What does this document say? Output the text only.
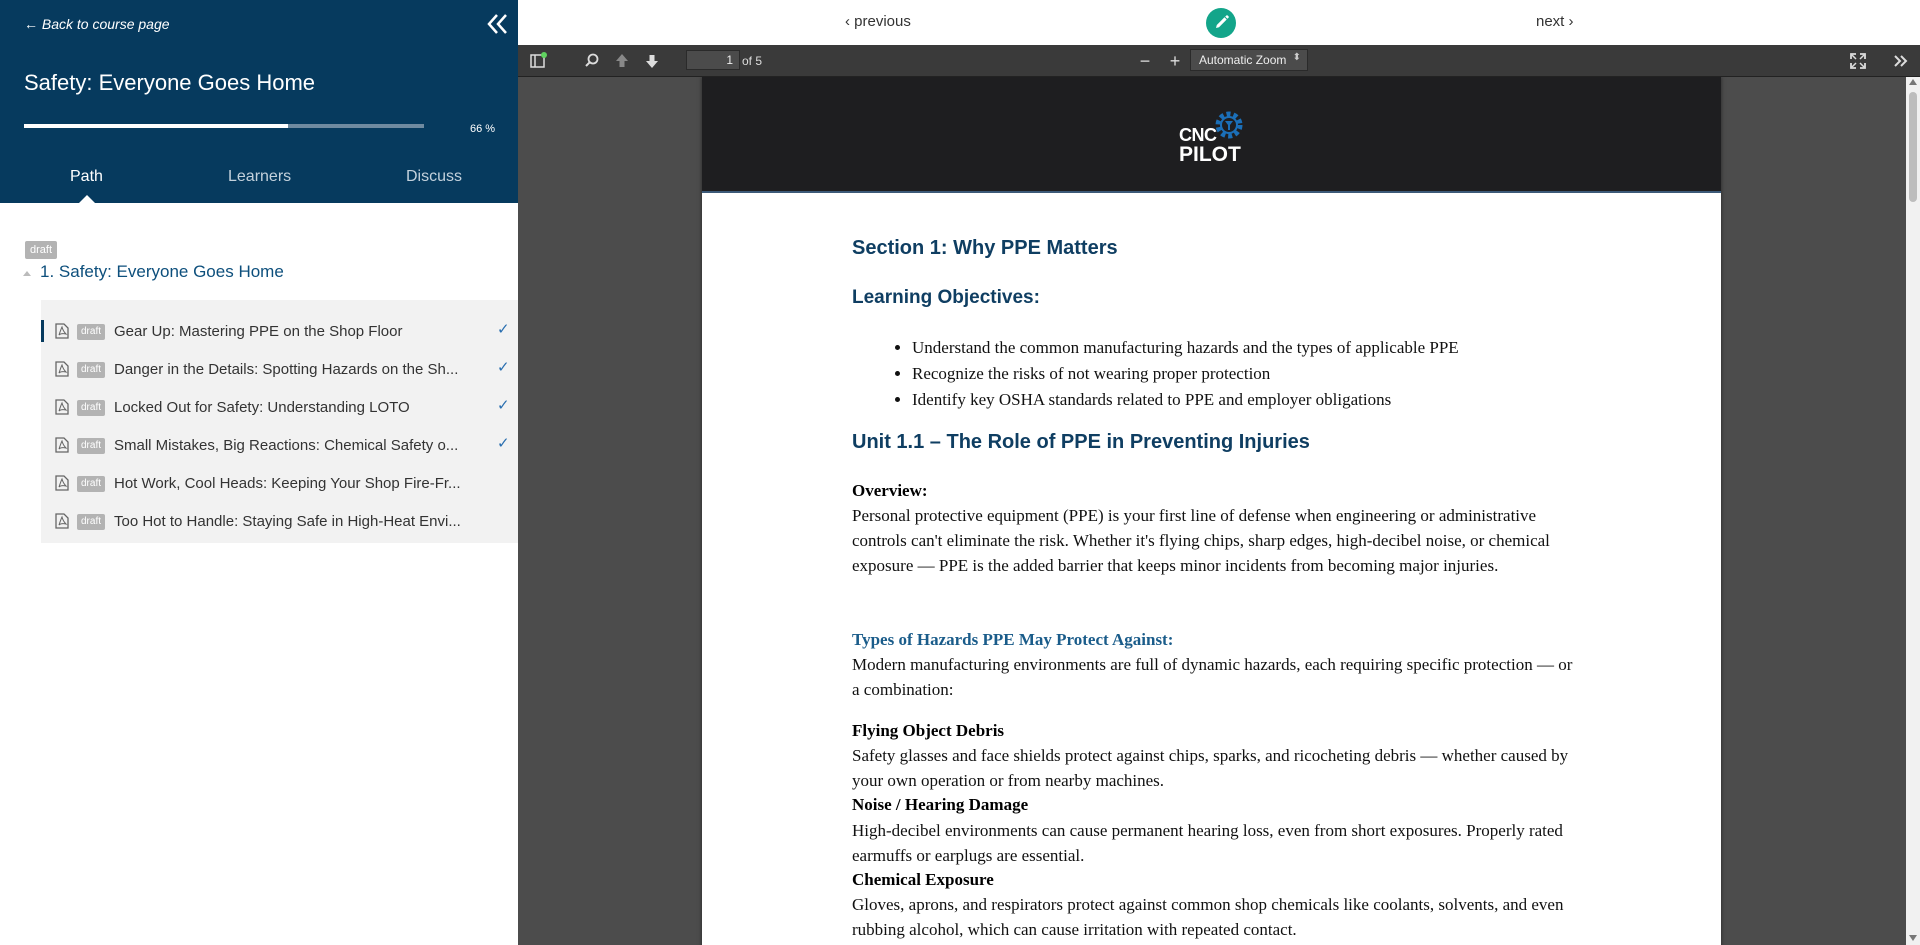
← Back to course page
Safety: Everyone Goes Home
66 %
Path	Learners	Discuss
draft
1. Safety: Everyone Goes Home
draft Gear Up: Mastering PPE on the Shop Floor	✓
draft Danger in the Details: Spotting Hazards on the Sh...	✓
draft Locked Out for Safety: Understanding LOTO	✓
draft Small Mistakes, Big Reactions: Chemical Safety o...	✓
draft Hot Work, Cool Heads: Keeping Your Shop Fire-Fr...
draft Too Hot to Handle: Staying Safe in High-Heat Envi...
‹ previous	next ›
1
of 5	− +	Automatic Zoom ⬍
CNC
PILOT
Section 1: Why PPE Matters
Learning Objectives:
• Understand the common manufacturing hazards and the types of applicable PPE
• Recognize the risks of not wearing proper protection
• Identify key OSHA standards related to PPE and employer obligations
Unit 1.1 – The Role of PPE in Preventing Injuries
Overview:
Personal protective equipment (PPE) is your first line of defense when engineering or administrative controls can't eliminate the risk. Whether it's flying chips, sharp edges, high-decibel noise, or chemical exposure — PPE is the added barrier that keeps minor incidents from becoming major injuries.
Types of Hazards PPE May Protect Against:
Modern manufacturing environments are full of dynamic hazards, each requiring specific protection — or a combination:
Flying Object Debris
Safety glasses and face shields protect against chips, sparks, and ricocheting debris — whether caused by your own operation or from nearby machines.
Noise / Hearing Damage
High-decibel environments can cause permanent hearing loss, even from short exposures. Properly rated earmuffs or earplugs are essential.
Chemical Exposure
Gloves, aprons, and respirators protect against common shop chemicals like coolants, solvents, and even rubbing alcohol, which can cause irritation with repeated contact.
